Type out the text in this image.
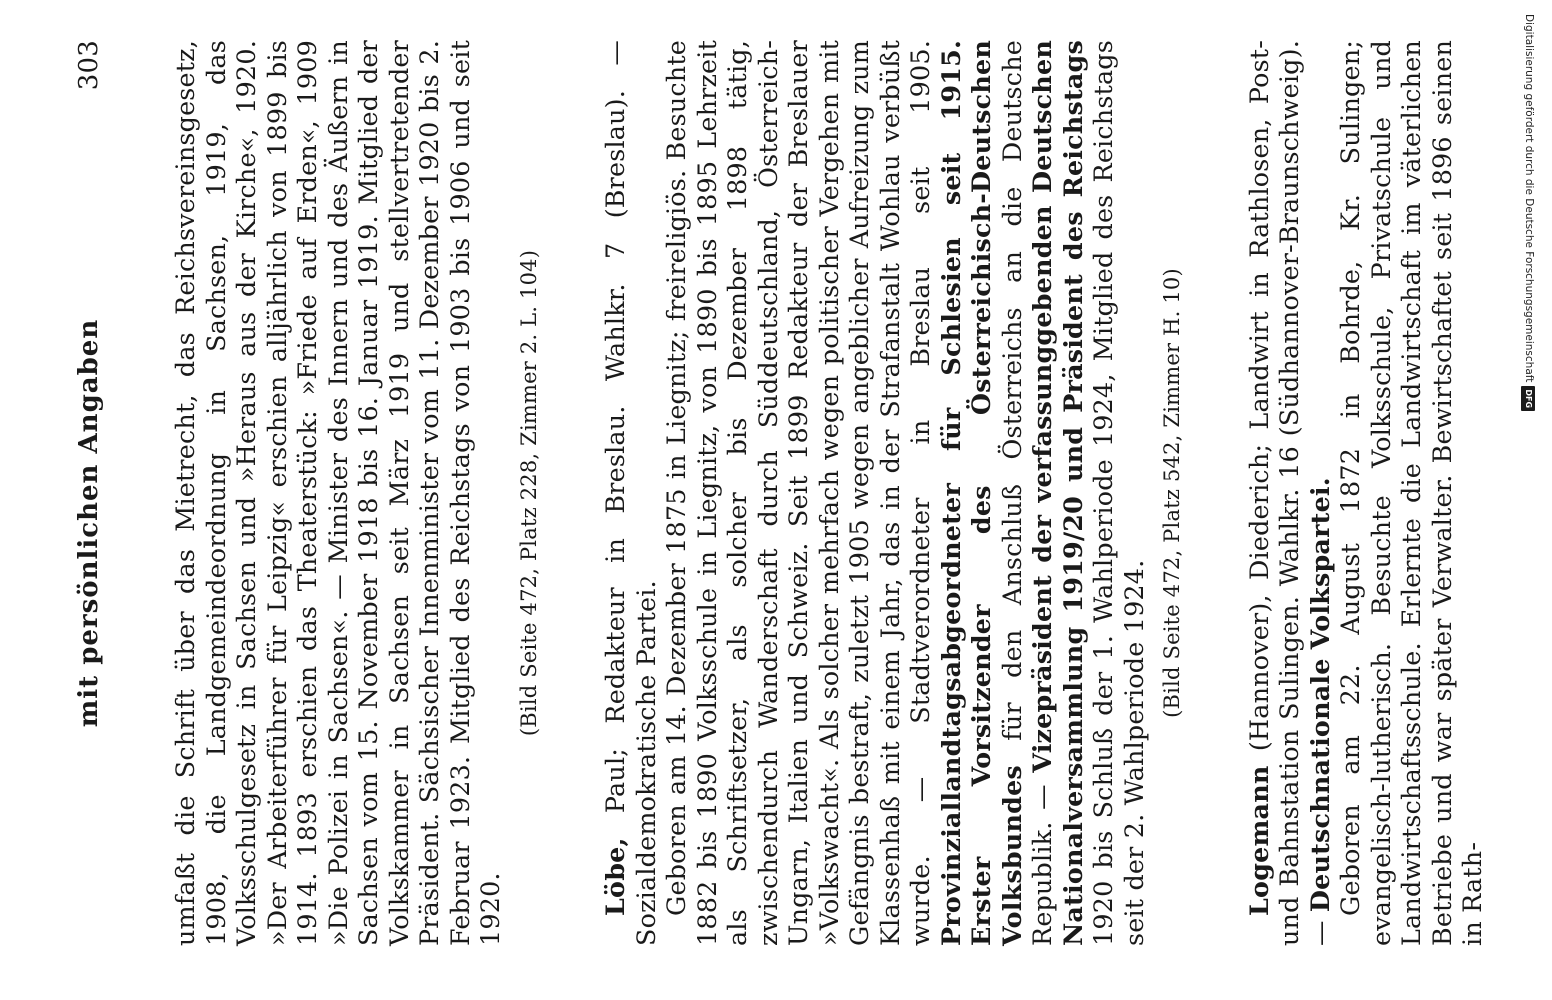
mit persönlichen Angaben
303	umfaßt die Schrift über das Mietrecht, das Reichsvereinsgesetz, 1908, die Landgemeindeordnung in Sachsen, 1919, das Volksschulgesetz in Sachsen und »Heraus aus der Kirche«, 1920. »Der Arbeiterführer für Leipzig« erschien alljährlich von 1899 bis 1914. 1893 erschien das Theaterstück: »Friede auf Erden«, 1909 »Die Polizei in Sachsen«. — Minister des Innern und des Äußern in Sachsen vom 15. November 1918 bis 16. Januar 1919. Mitglied der Volkskammer in Sachsen seit März 1919 und stellvertretender Präsident. Sächsischer Innenminister vom 11. Dezember 1920 bis 2. Februar 1923. Mitglied des Reichstags von 1903 bis 1906 und seit 1920.

(Bild Seite 472, Platz 228, Zimmer 2. L. 104)

Löbe, Paul; Redakteur in Breslau. Wahlkr. 7 (Breslau). — Sozialdemokratische Partei. Geboren am 14. Dezember 1875 in Liegnitz; freireligiös. Besuchte 1882 bis 1890 Volksschule in Liegnitz, von 1890 bis 1895 Lehrzeit als Schriftsetzer, als solcher bis Dezember 1898 tätig, zwischendurch Wanderschaft durch Süddeutschland, Österreich-Ungarn, Italien und Schweiz. Seit 1899 Redakteur der Breslauer »Volkswacht«. Als solcher mehrfach wegen politischer Vergehen mit Gefängnis bestraft, zuletzt 1905 wegen angeblicher Aufreizung zum Klassenhaß mit einem Jahr, das in der Strafanstalt Wohlau verbüßt wurde. — Stadtverordneter in Breslau seit 1905. Provinziallandtagsabgeordneter für Schlesien seit 1915. Erster Vorsitzender des Österreichisch-Deutschen Volksbundes für den Anschluß Österreichs an die Deutsche Republik. — Vizepräsident der verfassunggebenden Deutschen Nationalversammlung 1919/20 und Präsident des Reichstags 1920 bis Schluß der 1. Wahlperiode 1924, Mitglied des Reichstags seit der 2. Wahlperiode 1924.

(Bild Seite 472, Platz 542, Zimmer H. 10)

Logemann (Hannover), Diederich; Landwirt in Rathlosen, Post- und Bahnstation Sulingen. Wahlkr. 16 (Südhannover-Braunschweig). — Deutschnationale Volkspartei. Geboren am 22. August 1872 in Bohrde, Kr. Sulingen; evangelisch-lutherisch. Besuchte Volksschule, Privatschule und Landwirtschaftsschule. Erlernte die Landwirtschaft im väterlichen Betriebe und war später Verwalter. Bewirtschaftet seit 1896 seinen in Rath-

Digitalisierung gefördert durch die Deutsche ForschungsgemeinschaftDFG
